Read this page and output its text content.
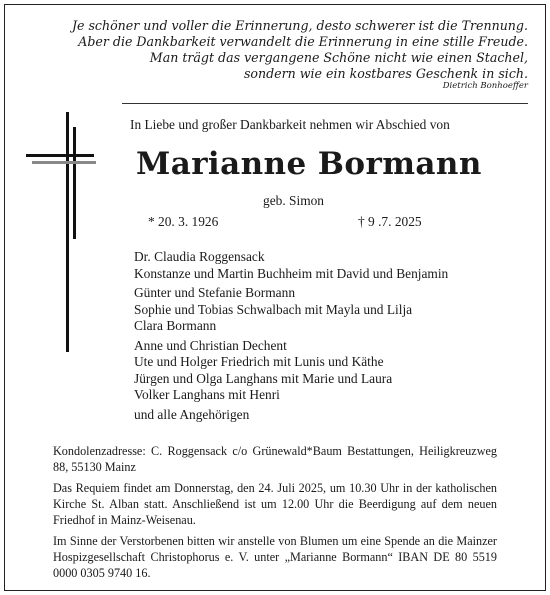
Je schöner und voller die Erinnerung, desto schwerer ist die Trennung.
Aber die Dankbarkeit verwandelt die Erinnerung in eine stille Freude.
Man trägt das vergangene Schöne nicht wie einen Stachel,
sondern wie ein kostbares Geschenk in sich.
Dietrich Bonhoeffer
In Liebe und großer Dankbarkeit nehmen wir Abschied von
Marianne Bormann
geb. Simon
* 20. 3. 1926	† 9 .7. 2025
Dr. Claudia Roggensack
Konstanze und Martin Buchheim mit David und Benjamin
Günter und Stefanie Bormann
Sophie und Tobias Schwalbach mit Mayla und Lilja
Clara Bormann
Anne und Christian Dechent
Ute und Holger Friedrich mit Lunis und Käthe
Jürgen und Olga Langhans mit Marie und Laura
Volker Langhans mit Henri
und alle Angehörigen

Kondolenzadresse: C. Roggensack c/o Grünewald*Baum Bestattungen, Heiligkreuzweg 88, 55130 Mainz

Das Requiem findet am Donnerstag, den 24. Juli 2025, um 10.30 Uhr in der katholischen Kirche St. Alban statt. Anschließend ist um 12.00 Uhr die Beerdigung auf dem neuen Friedhof in Mainz-Weisenau.

Im Sinne der Verstorbenen bitten wir anstelle von Blumen um eine Spende an die Mainzer Hospizgesellschaft Christophorus e. V. unter „Marianne Bormann“ IBAN DE 80 5519 0000 0305 9740 16.
